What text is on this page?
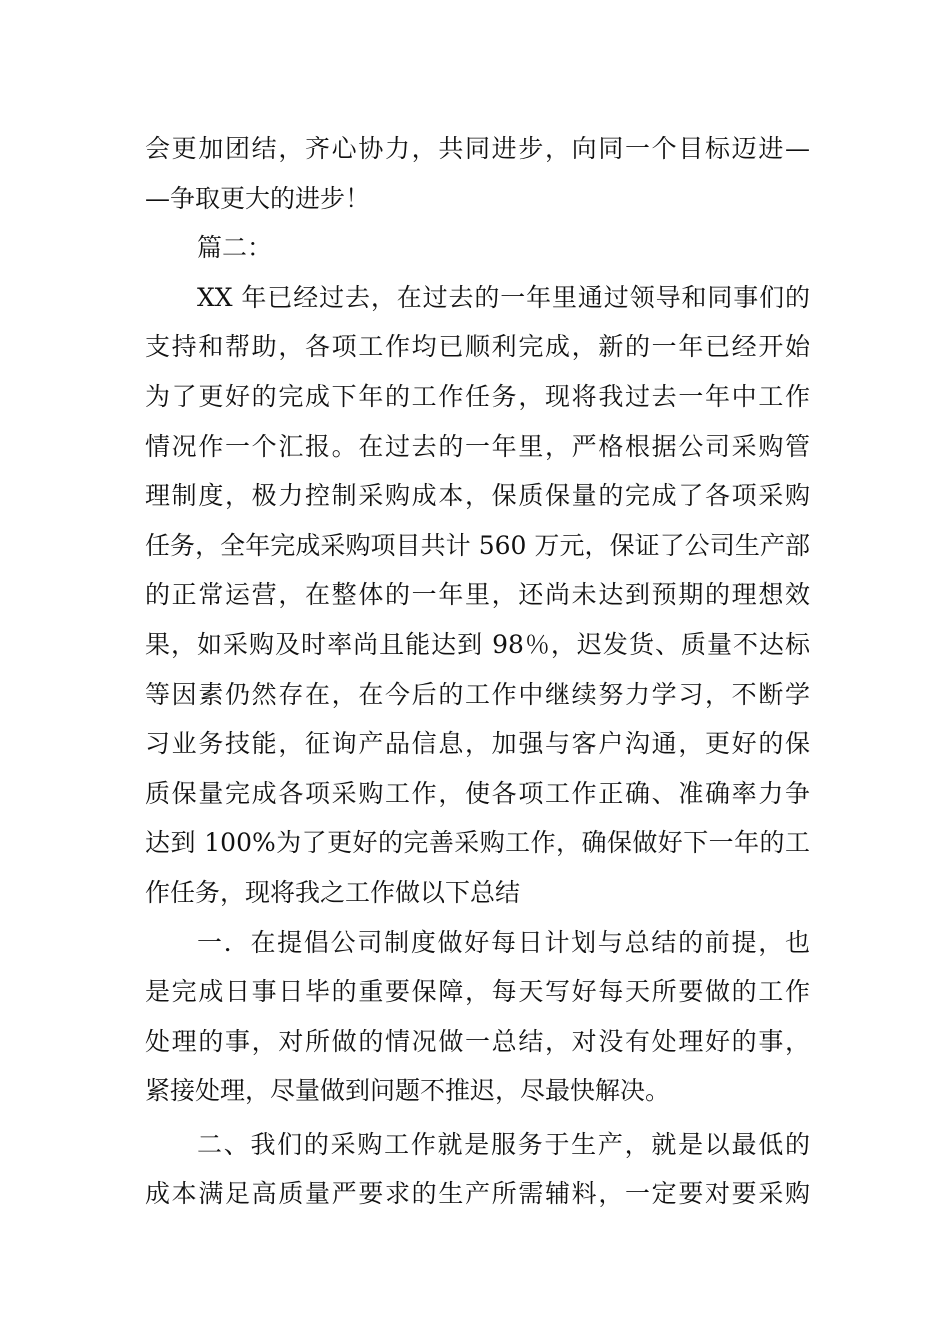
会更加团结，齐心协力，共同进步，向同一个目标迈进—
—争取更大的进步！
篇二：
XX 年已经过去，在过去的一年里通过领导和同事们的
支持和帮助，各项工作均已顺利完成，新的一年已经开始
为了更好的完成下年的工作任务，现将我过去一年中工作
情况作一个汇报。在过去的一年里，严格根据公司采购管
理制度，极力控制采购成本，保质保量的完成了各项采购
任务，全年完成采购项目共计 560 万元，保证了公司生产部
的正常运营，在整体的一年里，还尚未达到预期的理想效
果，如采购及时率尚且能达到 98％，迟发货、质量不达标
等因素仍然存在，在今后的工作中继续努力学习，不断学
习业务技能，征询产品信息，加强与客户沟通，更好的保
质保量完成各项采购工作，使各项工作正确、准确率力争
达到 100%为了更好的完善采购工作，确保做好下一年的工
作任务，现将我之工作做以下总结
一．在提倡公司制度做好每日计划与总结的前提，也
是完成日事日毕的重要保障，每天写好每天所要做的工作
处理的事，对所做的情况做一总结，对没有处理好的事，
紧接处理，尽量做到问题不推迟，尽最快解决。
二、我们的采购工作就是服务于生产，就是以最低的
成本满足高质量严要求的生产所需辅料，一定要对要采购
